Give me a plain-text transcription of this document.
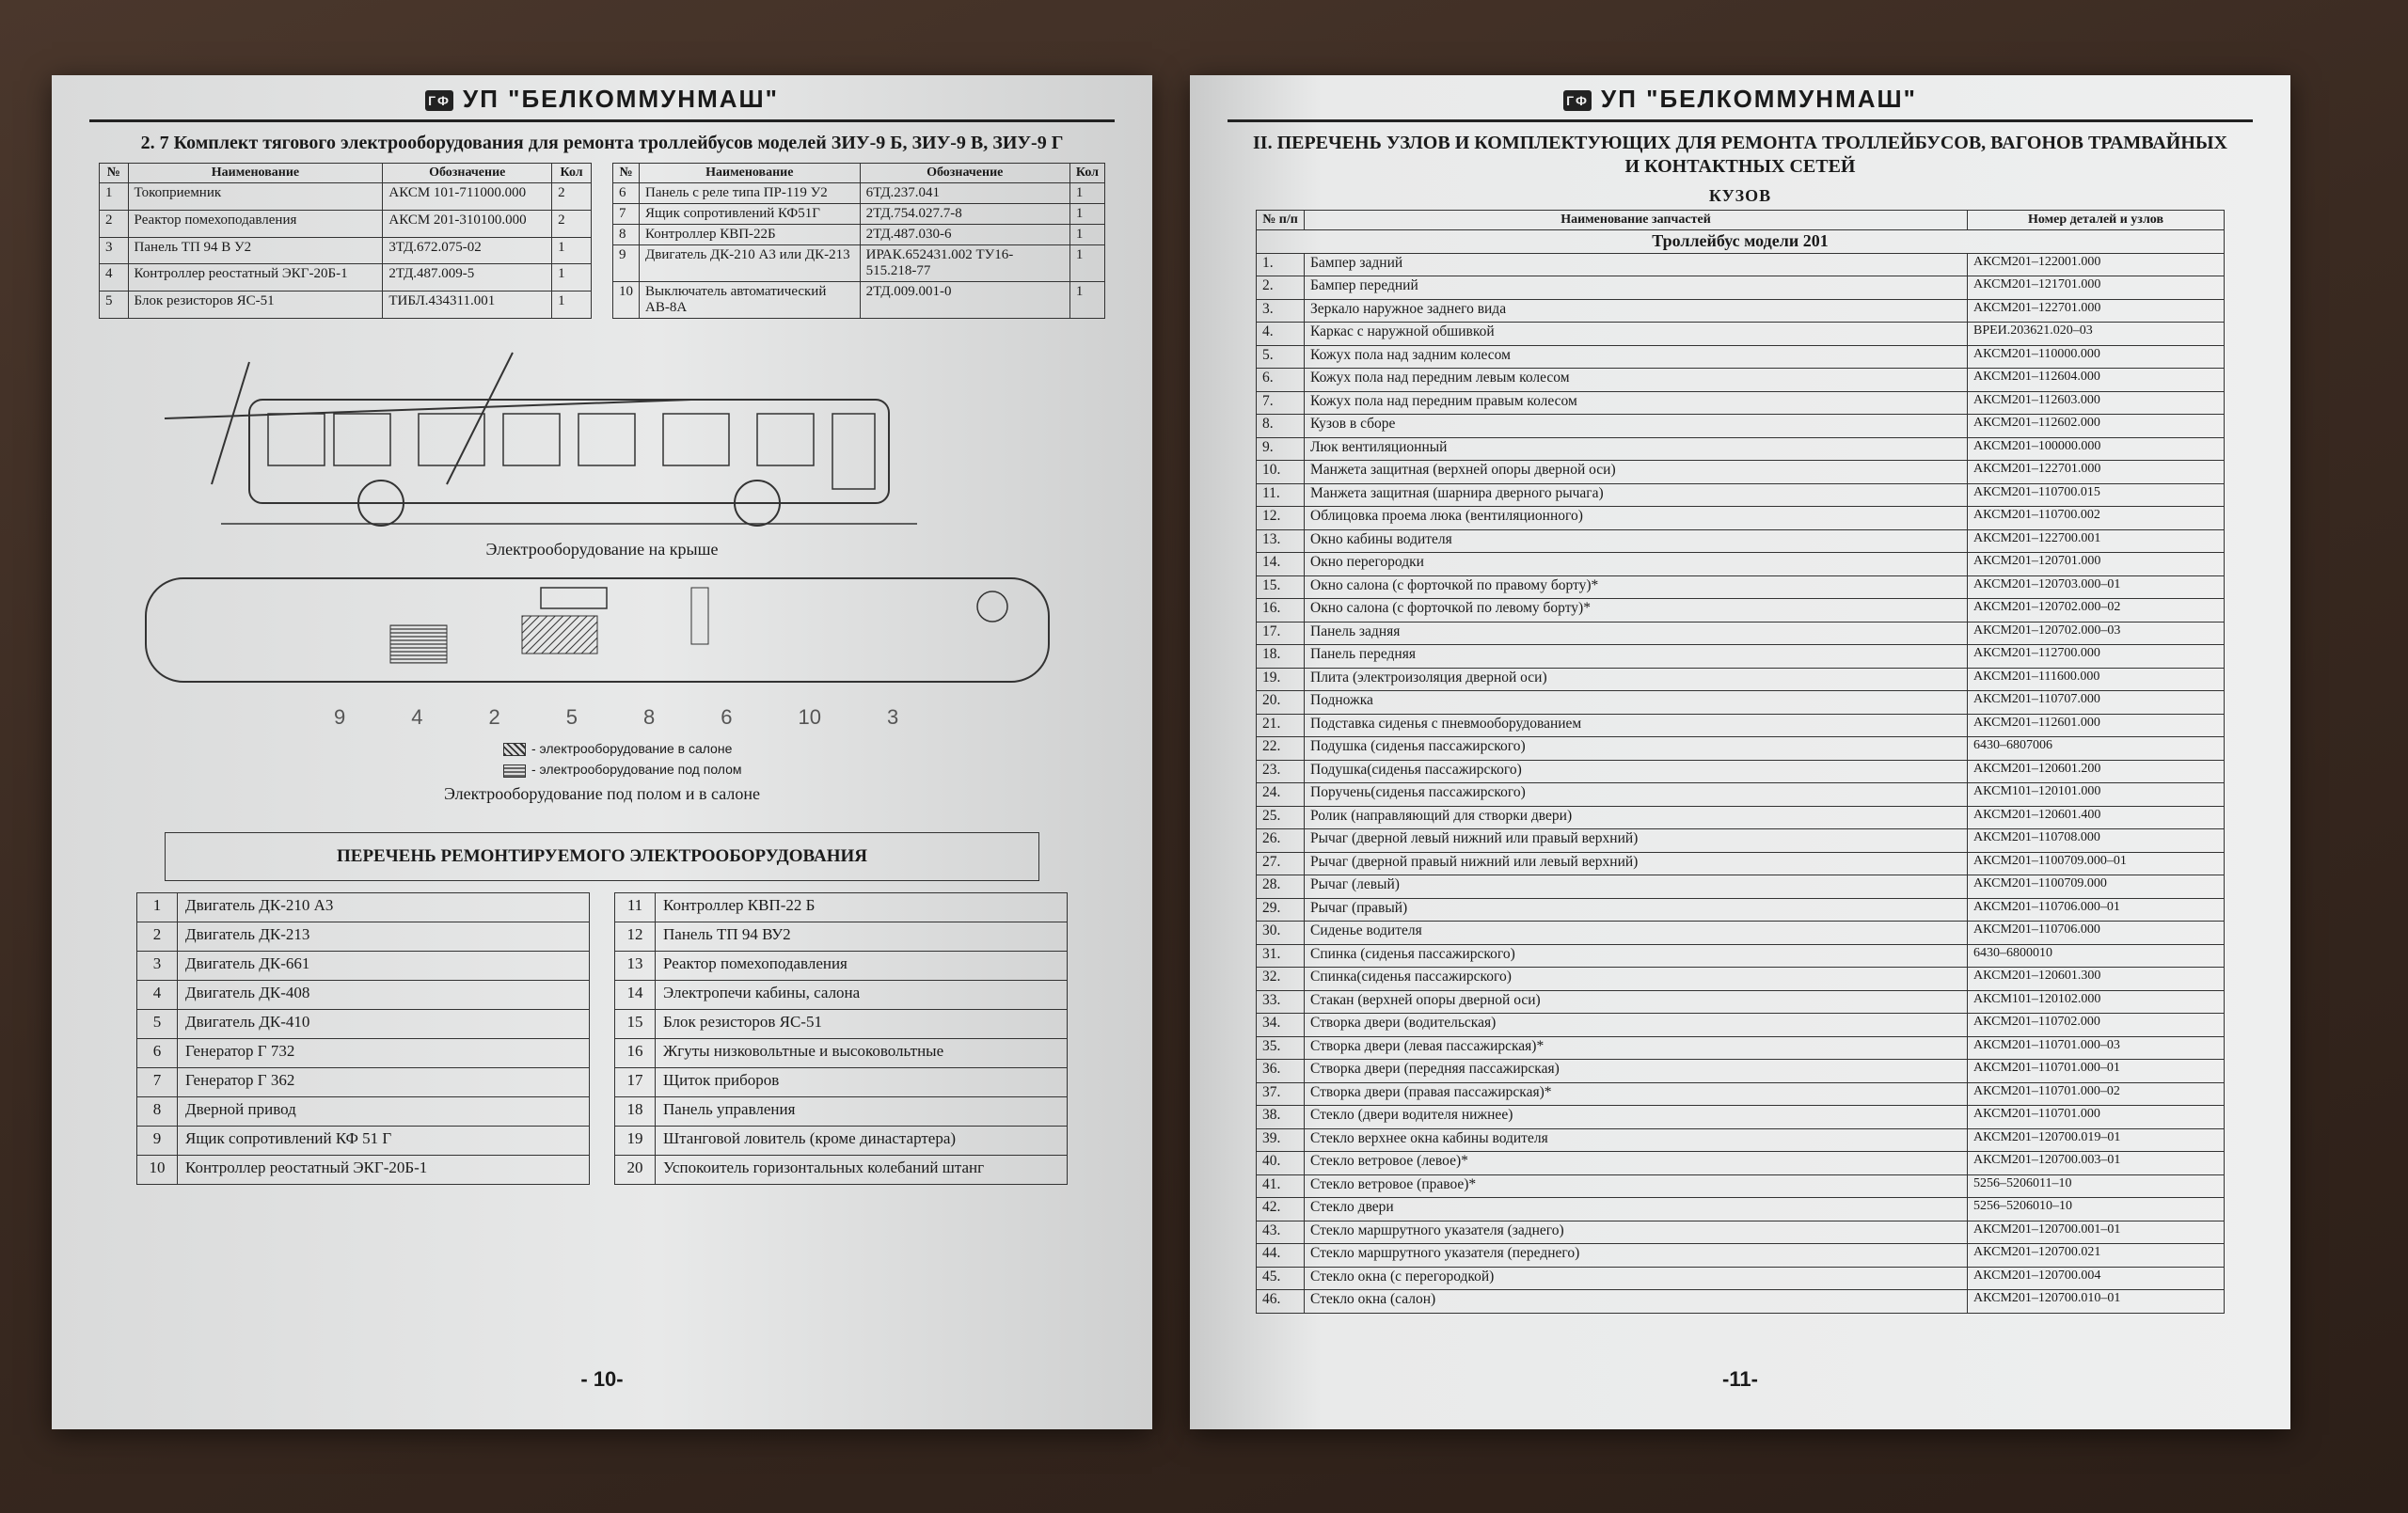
ГФ УП "БЕЛКОММУНМАШ"
2. 7 Комплект тягового электрооборудования для ремонта троллейбусов моделей ЗИУ-9 Б, ЗИУ-9 В, ЗИУ-9 Г
№	Наименование	Обозначение	Кол
1	Токоприемник	АКСМ 101-711000.000	2
2	Реактор помехоподавления	АКСМ 201-310100.000	2
3	Панель ТП 94 В У2	3ТД.672.075-02	1
4	Контроллер реостатный ЭКГ-20Б-1	2ТД.487.009-5	1
5	Блок резисторов ЯС-51	ТИБЛ.434311.001	1
№	Наименование	Обозначение	Кол
6	Панель с реле типа ПР-119 У2	6ТД.237.041	1
7	Ящик сопротивлений КФ51Г	2ТД.754.027.7-8	1
8	Контроллер КВП-22Б	2ТД.487.030-6	1
9	Двигатель ДК-210 А3 или ДК-213	ИРАК.652431.002 ТУ16-515.218-77	1
10	Выключатель автоматический АВ-8А	2ТД.009.001-0	1
Электрооборудование на крыше
9	4	2	5	8	6	10	3
- электрооборудование в салоне
- электрооборудование под полом
Электрооборудование под полом и в салоне
ПЕРЕЧЕНЬ РЕМОНТИРУЕМОГО ЭЛЕКТРООБОРУДОВАНИЯ
1	Двигатель ДК-210 А3
2	Двигатель ДК-213
3	Двигатель ДК-661
4	Двигатель ДК-408
5	Двигатель ДК-410
6	Генератор Г 732
7	Генератор Г 362
8	Дверной привод
9	Ящик сопротивлений КФ 51 Г
10	Контроллер реостатный ЭКГ-20Б-1
11	Контроллер КВП-22 Б
12	Панель ТП 94 ВУ2
13	Реактор помехоподавления
14	Электропечи кабины, салона
15	Блок резисторов ЯС-51
16	Жгуты низковольтные и высоковольтные
17	Щиток приборов
18	Панель управления
19	Штанговой ловитель (кроме династартера)
20	Успокоитель горизонтальных колебаний штанг
- 10-
ГФ УП "БЕЛКОММУНМАШ"
II. ПЕРЕЧЕНЬ УЗЛОВ И КОМПЛЕКТУЮЩИХ ДЛЯ РЕМОНТА ТРОЛЛЕЙБУСОВ, ВАГОНОВ ТРАМВАЙНЫХ И КОНТАКТНЫХ СЕТЕЙ
КУЗОВ
№ п/п	Наименование запчастей	Номер деталей и узлов
Троллейбус модели 201		
1.	Бампер задний	АКСМ201–122001.000
2.	Бампер передний	АКСМ201–121701.000
3.	Зеркало наружное заднего вида	АКСМ201–122701.000
4.	Каркас с наружной обшивкой	ВРЕИ.203621.020–03
5.	Кожух пола над задним колесом	АКСМ201–110000.000
6.	Кожух пола над передним левым колесом	АКСМ201–112604.000
7.	Кожух пола над передним правым колесом	АКСМ201–112603.000
8.	Кузов в сборе	АКСМ201–112602.000
9.	Люк вентиляционный	АКСМ201–100000.000
10.	Манжета защитная (верхней опоры дверной оси)	АКСМ201–122701.000
11.	Манжета защитная (шарнира дверного рычага)	АКСМ201–110700.015
12.	Облицовка проема люка (вентиляционного)	АКСМ201–110700.002
13.	Окно кабины водителя	АКСМ201–122700.001
14.	Окно перегородки	АКСМ201–120701.000
15.	Окно салона (с форточкой по правому борту)*	АКСМ201–120703.000–01
16.	Окно салона (с форточкой по левому борту)*	АКСМ201–120702.000–02
17.	Панель задняя	АКСМ201–120702.000–03
18.	Панель передняя	АКСМ201–112700.000
19.	Плита (электроизоляция дверной оси)	АКСМ201–111600.000
20.	Подножка	АКСМ201–110707.000
21.	Подставка сиденья с пневмооборудованием	АКСМ201–112601.000
22.	Подушка (сиденья пассажирского)	6430–6807006
23.	Подушка(сиденья пассажирского)	АКСМ201–120601.200
24.	Поручень(сиденья пассажирского)	АКСМ101–120101.000
25.	Ролик (направляющий для створки двери)	АКСМ201–120601.400
26.	Рычаг (дверной левый нижний или правый верхний)	АКСМ201–110708.000
27.	Рычаг (дверной правый нижний или левый верхний)	АКСМ201–1100709.000–01
28.	Рычаг (левый)	АКСМ201–1100709.000
29.	Рычаг (правый)	АКСМ201–110706.000–01
30.	Сиденье водителя	АКСМ201–110706.000
31.	Спинка (сиденья пассажирского)	6430–6800010
32.	Спинка(сиденья пассажирского)	АКСМ201–120601.300
33.	Стакан (верхней опоры дверной оси)	АКСМ101–120102.000
34.	Створка двери (водительская)	АКСМ201–110702.000
35.	Створка двери (левая пассажирская)*	АКСМ201–110701.000–03
36.	Створка двери (передняя пассажирская)	АКСМ201–110701.000–01
37.	Створка двери (правая пассажирская)*	АКСМ201–110701.000–02
38.	Стекло (двери водителя нижнее)	АКСМ201–110701.000
39.	Стекло верхнее окна кабины водителя	АКСМ201–120700.019–01
40.	Стекло ветровое (левое)*	АКСМ201–120700.003–01
41.	Стекло ветровое (правое)*	5256–5206011–10
42.	Стекло двери	5256–5206010–10
43.	Стекло маршрутного указателя (заднего)	АКСМ201–120700.001–01
44.	Стекло маршрутного указателя (переднего)	АКСМ201–120700.021
45.	Стекло окна (с перегородкой)	АКСМ201–120700.004
46.	Стекло окна (салон)	АКСМ201–120700.010–01
-11-
